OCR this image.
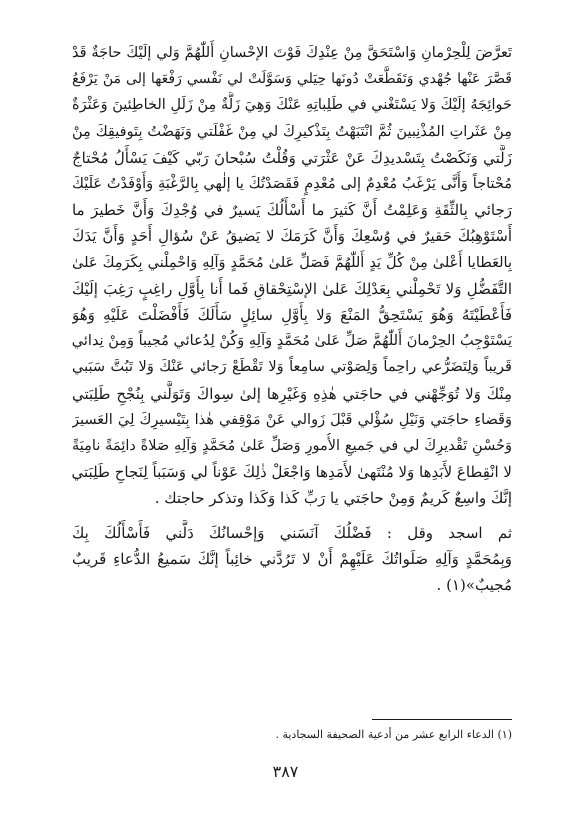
تَعرَّضَ لِلْحِرْمانِ وَاسْتَحَقَّ مِنْ عِنْدِكَ فَوْتَ الإحْسانِ أَللّٰهُمَّ وَلي إلَيْكَ حاجَةٌ قَدْ
قَصَّرَ عَنْها جُهْدي وَتَقَطَّعَتْ دُونَها حِيَلي وَسَوَّلَتْ لي نَفْسي رَفْعَها إلى مَنْ يَرْفَعُ
حَوائِجَهُ إلَيْكَ وَلا يَسْتَغْني في طَلِباتِهِ عَنْكَ وَهِيَ زَلَّةٌ مِنْ زَلَلِ الخاطِئينَ وَعَثْرَةٌ
مِنْ عَثَراتِ المُذْنِبينَ ثُمَّ انْتَبَهْتُ بِتَذْكيرِكَ لي مِنْ غَفْلَتي وَنَهَضْتُ بِتَوفيقِكَ مِنْ
زَلَّتي وَنَكَصْتُ بِتَسْديدِكَ عَنْ عَثْرَتي وَقُلْتُ سُبْحانَ رَبّي كَيْفَ يَسْأَلُ مُحْتاجٌ
مُحْتاجاً وَأَنَّى يَرْغَبُ مُعْدِمٌ إلى مُعْدِمٍ فَقَصَدْتُكَ يا إلٰهي بِالرَّغْبَةِ وَأَوْفَدْتُ عَلَيْكَ
رَجائي بِالثِّقَةِ وَعَلِمْتُ أَنَّ كَثيرَ ما أَسْأَلُكَ يَسيرٌ في وُجْدِكَ وَأَنَّ خَطيرَ ما
أَسْتَوْهِبُكَ حَقيرٌ في وُسْعِكَ وَأَنَّ كَرَمَكَ لا يَضيقُ عَنْ سُؤالِ أَحَدٍ وَأَنَّ يَدَكَ
بِالعَطايا أَعْلىٰ مِنْ كُلِّ يَدٍ أَللّٰهُمَّ فَصَلِّ عَلىٰ مُحَمَّدٍ وَآلِهِ وَاحْمِلْني بِكَرَمِكَ عَلىٰ
التَّفَضُّلِ وَلا تَحْمِلْني بِعَدْلِكَ عَلىٰ الإسْتِحْقاقِ فَما أَنا بِأَوَّلِ راغِبٍ رَغِبَ إلَيْكَ
فَأَعْطَيْتَهُ وَهُوَ يَسْتَحِقُّ المَنْعَ وَلا بِأَوَّلِ سائِلٍ سَأَلَكَ فَأَفْضَلْتَ عَلَيْهِ وَهُوَ
يَسْتَوْجِبُ الحِرْمانَ أَللّٰهُمَّ صَلِّ عَلىٰ مُحَمَّدٍ وَآلِهِ وَكُنْ لِدُعائي مُجيباً وَمِنْ نِدائي
قَريباً وَلِتَضَرُّعي راحِماً وَلِصَوْتي سامِعاً وَلا تَقْطَعْ رَجائي عَنْكَ وَلا تَبُتَّ سَبَبي
مِنْكَ وَلا تُوَجِّهْني في حاجَتي هٰذِهِ وَغَيْرِها إلىٰ سِواكَ وَتَوَلَّني بِنُجْحِ طَلِبَتي
وَقَضاءِ حاجَتي وَنَيْلِ سُؤْلي قَبْلَ زَوالي عَنْ مَوْقِفي هٰذا بِتَيْسيرِكَ لِيَ العَسيرَ
وَحُسْنِ تَقْديرِكَ لي في جَميعِ الأُمورِ وَصَلِّ عَلىٰ مُحَمَّدٍ وَآلِهِ صَلاةً دائِمَةً نامِيَةً
لا انْقِطاعَ لأَبَدِها وَلا مُنْتَهىٰ لأَمَدِها وَاجْعَلْ ذٰلِكَ عَوْناً لي وَسَبَباً لِنَجاحِ طَلِبَتي
إنَّكَ واسِعٌ كَريمٌ وَمِنْ حاجَتي يا رَبِّ كَذا وَكَذا وتذكر حاجتك .
ثم اسجد وقل : فَضْلُكَ آنَسَني وَإحْسانُكَ دَلَّني فَأَسْأَلُكَ بِكَ
وَبِمُحَمَّدٍ وَآلِهِ صَلَواتُكَ عَلَيْهِمْ أَنْ لا تَرُدَّني خائِباً إنَّكَ سَميعُ الدُّعاءِ قَريبٌ
مُجيبٌ»(١) .
(١) الدعاء الرابع عشر من أدعية الصحيفة السجادية .
٣٨٧
